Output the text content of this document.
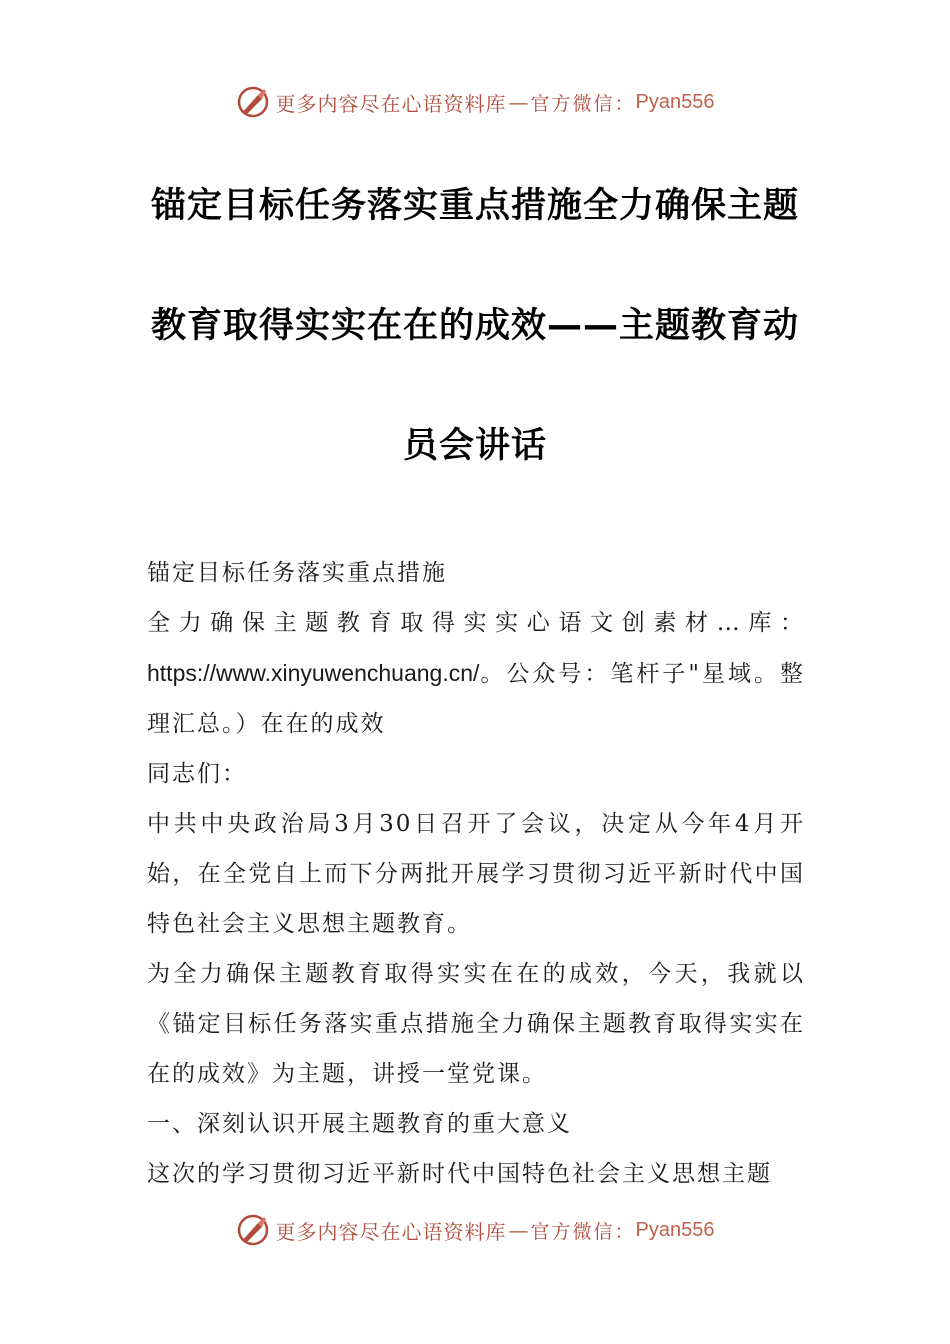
更多内容尽在心语资料库 — 官方微信： Pyan556
锚定目标任务落实重点措施全力确保主题
教育取得实实在在的成效——主题教育动
员会讲话

锚定目标任务落实重点措施

全力确保主题教育取得实实心语文创素材…库：https://www.xinyuwenchuang.cn/。公众号：笔杆子"星域。整理汇总。）在在的成效

同志们：

中共中央政治局3月30日召开了会议，决定从今年4月开始，在全党自上而下分两批开展学习贯彻习近平新时代中国特色社会主义思想主题教育。

为全力确保主题教育取得实实在在的成效，今天，我就以《锚定目标任务落实重点措施全力确保主题教育取得实实在在的成效》为主题，讲授一堂党课。

一、深刻认识开展主题教育的重大意义

这次的学习贯彻习近平新时代中国特色社会主义思想主题

更多内容尽在心语资料库 — 官方微信： Pyan556
